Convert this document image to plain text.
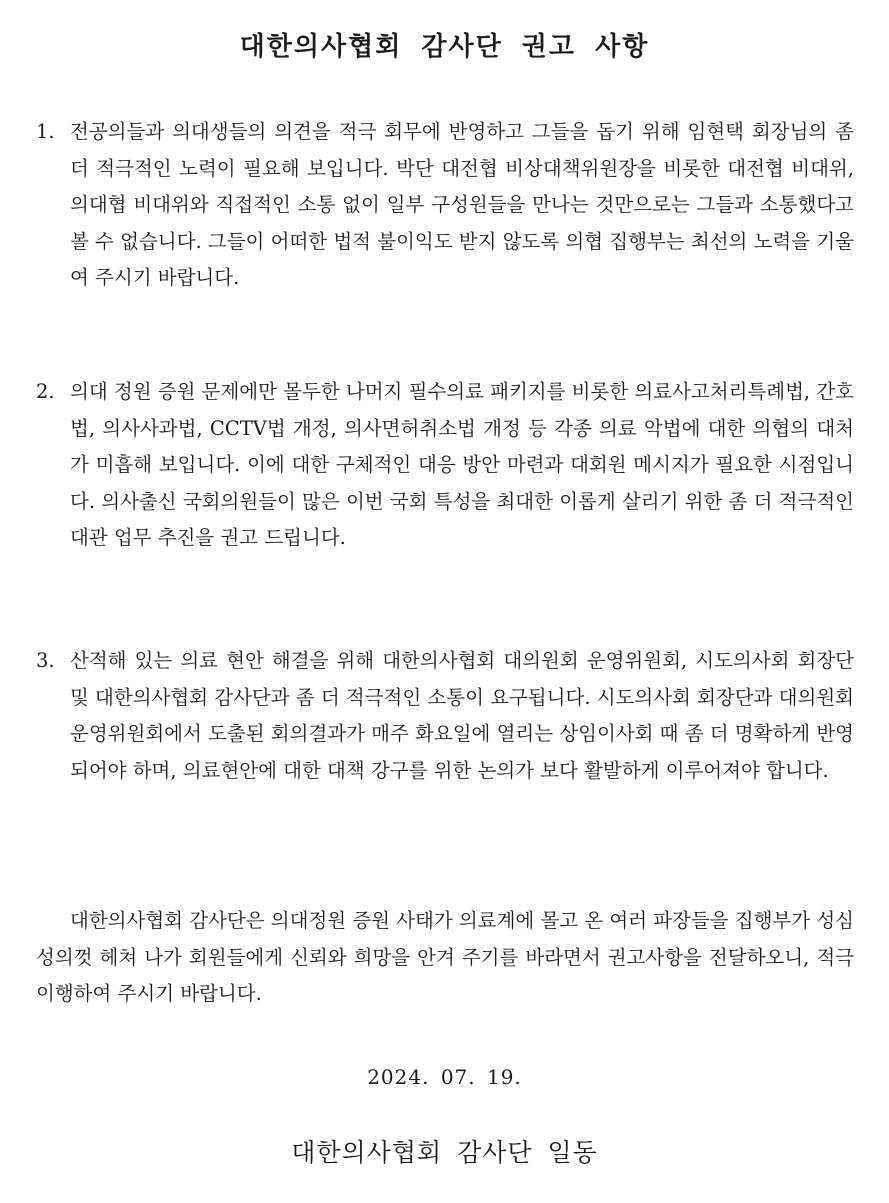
대한의사협회 감사단 권고 사항

1. 전공의들과 의대생들의 의견을 적극 회무에 반영하고 그들을 돕기 위해 임현택 회장님의 좀 더 적극적인 노력이 필요해 보입니다. 박단 대전협 비상대책위원장을 비롯한 대전협 비대위, 의대협 비대위와 직접적인 소통 없이 일부 구성원들을 만나는 것만으로는 그들과 소통했다고 볼 수 없습니다. 그들이 어떠한 법적 불이익도 받지 않도록 의협 집행부는 최선의 노력을 기울여 주시기 바랍니다.

2. 의대 정원 증원 문제에만 몰두한 나머지 필수의료 패키지를 비롯한 의료사고처리특례법, 간호법, 의사사과법, CCTV법 개정, 의사면허취소법 개정 등 각종 의료 악법에 대한 의협의 대처가 미흡해 보입니다. 이에 대한 구체적인 대응 방안 마련과 대회원 메시지가 필요한 시점입니다. 의사출신 국회의원들이 많은 이번 국회 특성을 최대한 이롭게 살리기 위한 좀 더 적극적인 대관 업무 추진을 권고 드립니다.

3. 산적해 있는 의료 현안 해결을 위해 대한의사협회 대의원회 운영위원회, 시도의사회 회장단 및 대한의사협회 감사단과 좀 더 적극적인 소통이 요구됩니다. 시도의사회 회장단과 대의원회 운영위원회에서 도출된 회의결과가 매주 화요일에 열리는 상임이사회 때 좀 더 명확하게 반영되어야 하며, 의료현안에 대한 대책 강구를 위한 논의가 보다 활발하게 이루어져야 합니다.

대한의사협회 감사단은 의대정원 증원 사태가 의료계에 몰고 온 여러 파장들을 집행부가 성심성의껏 헤쳐 나가 회원들에게 신뢰와 희망을 안겨 주기를 바라면서 권고사항을 전달하오니, 적극 이행하여 주시기 바랍니다.

2024. 07. 19.
대한의사협회 감사단 일동
